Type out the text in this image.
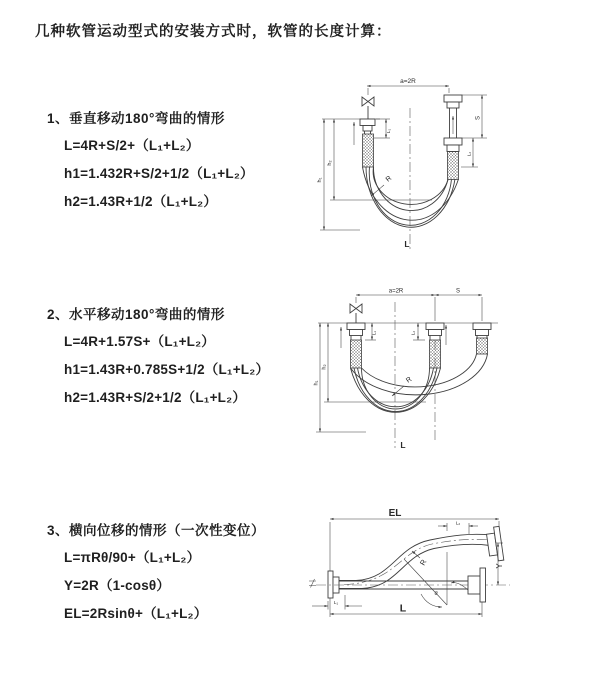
几种软管运动型式的安装方式时，软管的长度计算：
1、垂直移动180°弯曲的情形
L=4R+S/2+（L₁+L₂）
h1=1.432R+S/2+1/2（L₁+L₂）
h2=1.43R+1/2（L₁+L₂）
2、水平移动180°弯曲的情形
L=4R+1.57S+（L₁+L₂）
h1=1.43R+0.785S+1/2（L₁+L₂）
h2=1.43R+S/2+1/2（L₁+L₂）
3、横向位移的情形（一次性变位）
L=πRθ/90+（L₁+L₂）
Y=2R（1-cosθ）
EL=2Rsinθ+（L₁+L₂）
a=2R
L₁
S
L₂
h₁
h₂
R
L
a=2R	S
L₁	L₂
h₁
h₂
R
L
EL
L₂
θ
R	Y
L
L₁
